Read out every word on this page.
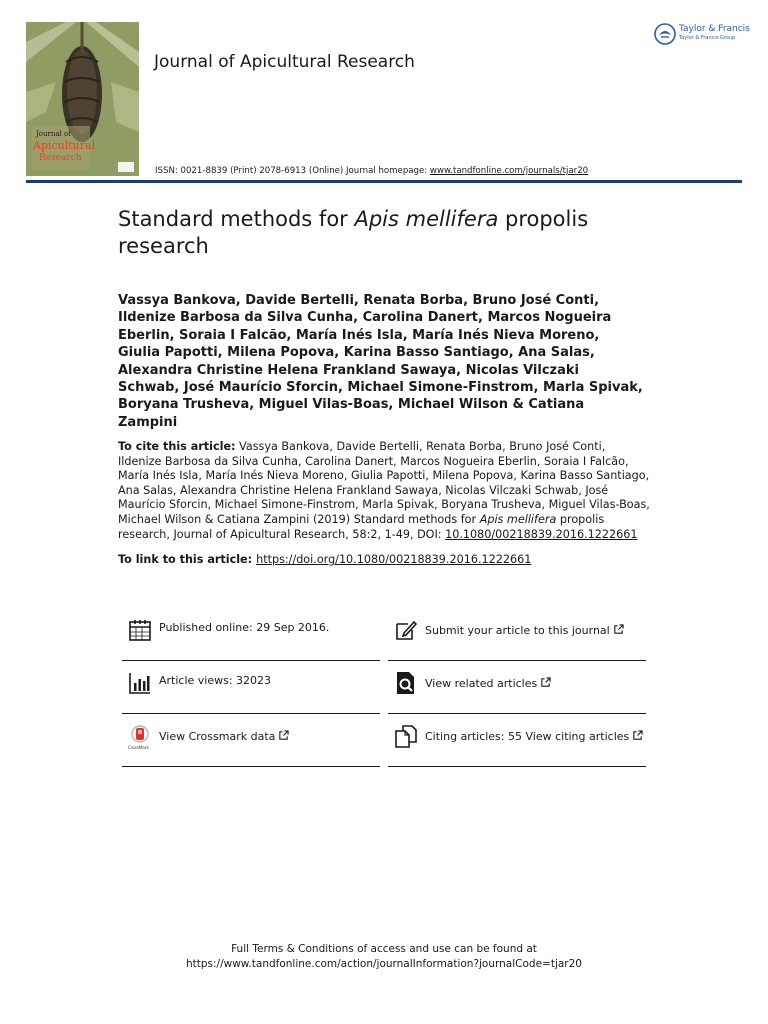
Journal of
Apicultural
Research
Journal of Apicultural Research
Taylor & Francis
Taylor & Francis Group
ISSN: 0021-8839 (Print) 2078-6913 (Online) Journal homepage: www.tandfonline.com/journals/tjar20
Standard methods for Apis mellifera propolis research
Vassya Bankova, Davide Bertelli, Renata Borba, Bruno José Conti, Ildenize Barbosa da Silva Cunha, Carolina Danert, Marcos Nogueira Eberlin, Soraia I Falcão, María Inés Isla, María Inés Nieva Moreno, Giulia Papotti, Milena Popova, Karina Basso Santiago, Ana Salas, Alexandra Christine Helena Frankland Sawaya, Nicolas Vilczaki Schwab, José Maurício Sforcin, Michael Simone-Finstrom, Marla Spivak, Boryana Trusheva, Miguel Vilas-Boas, Michael Wilson & Catiana Zampini
To cite this article: Vassya Bankova, Davide Bertelli, Renata Borba, Bruno José Conti, Ildenize Barbosa da Silva Cunha, Carolina Danert, Marcos Nogueira Eberlin, Soraia I Falcão, María Inés Isla, María Inés Nieva Moreno, Giulia Papotti, Milena Popova, Karina Basso Santiago, Ana Salas, Alexandra Christine Helena Frankland Sawaya, Nicolas Vilczaki Schwab, José Maurício Sforcin, Michael Simone-Finstrom, Marla Spivak, Boryana Trusheva, Miguel Vilas-Boas, Michael Wilson & Catiana Zampini (2019) Standard methods for Apis mellifera propolis research, Journal of Apicultural Research, 58:2, 1-49, DOI: 10.1080/00218839.2016.1222661
To link to this article: https://doi.org/10.1080/00218839.2016.1222661
Published online: 29 Sep 2016.	Submit your article to this journal
Article views: 32023	View related articles
CrossMark
View Crossmark data	Citing articles: 55 View citing articles
Full Terms & Conditions of access and use can be found at
https://www.tandfonline.com/action/journalInformation?journalCode=tjar20
